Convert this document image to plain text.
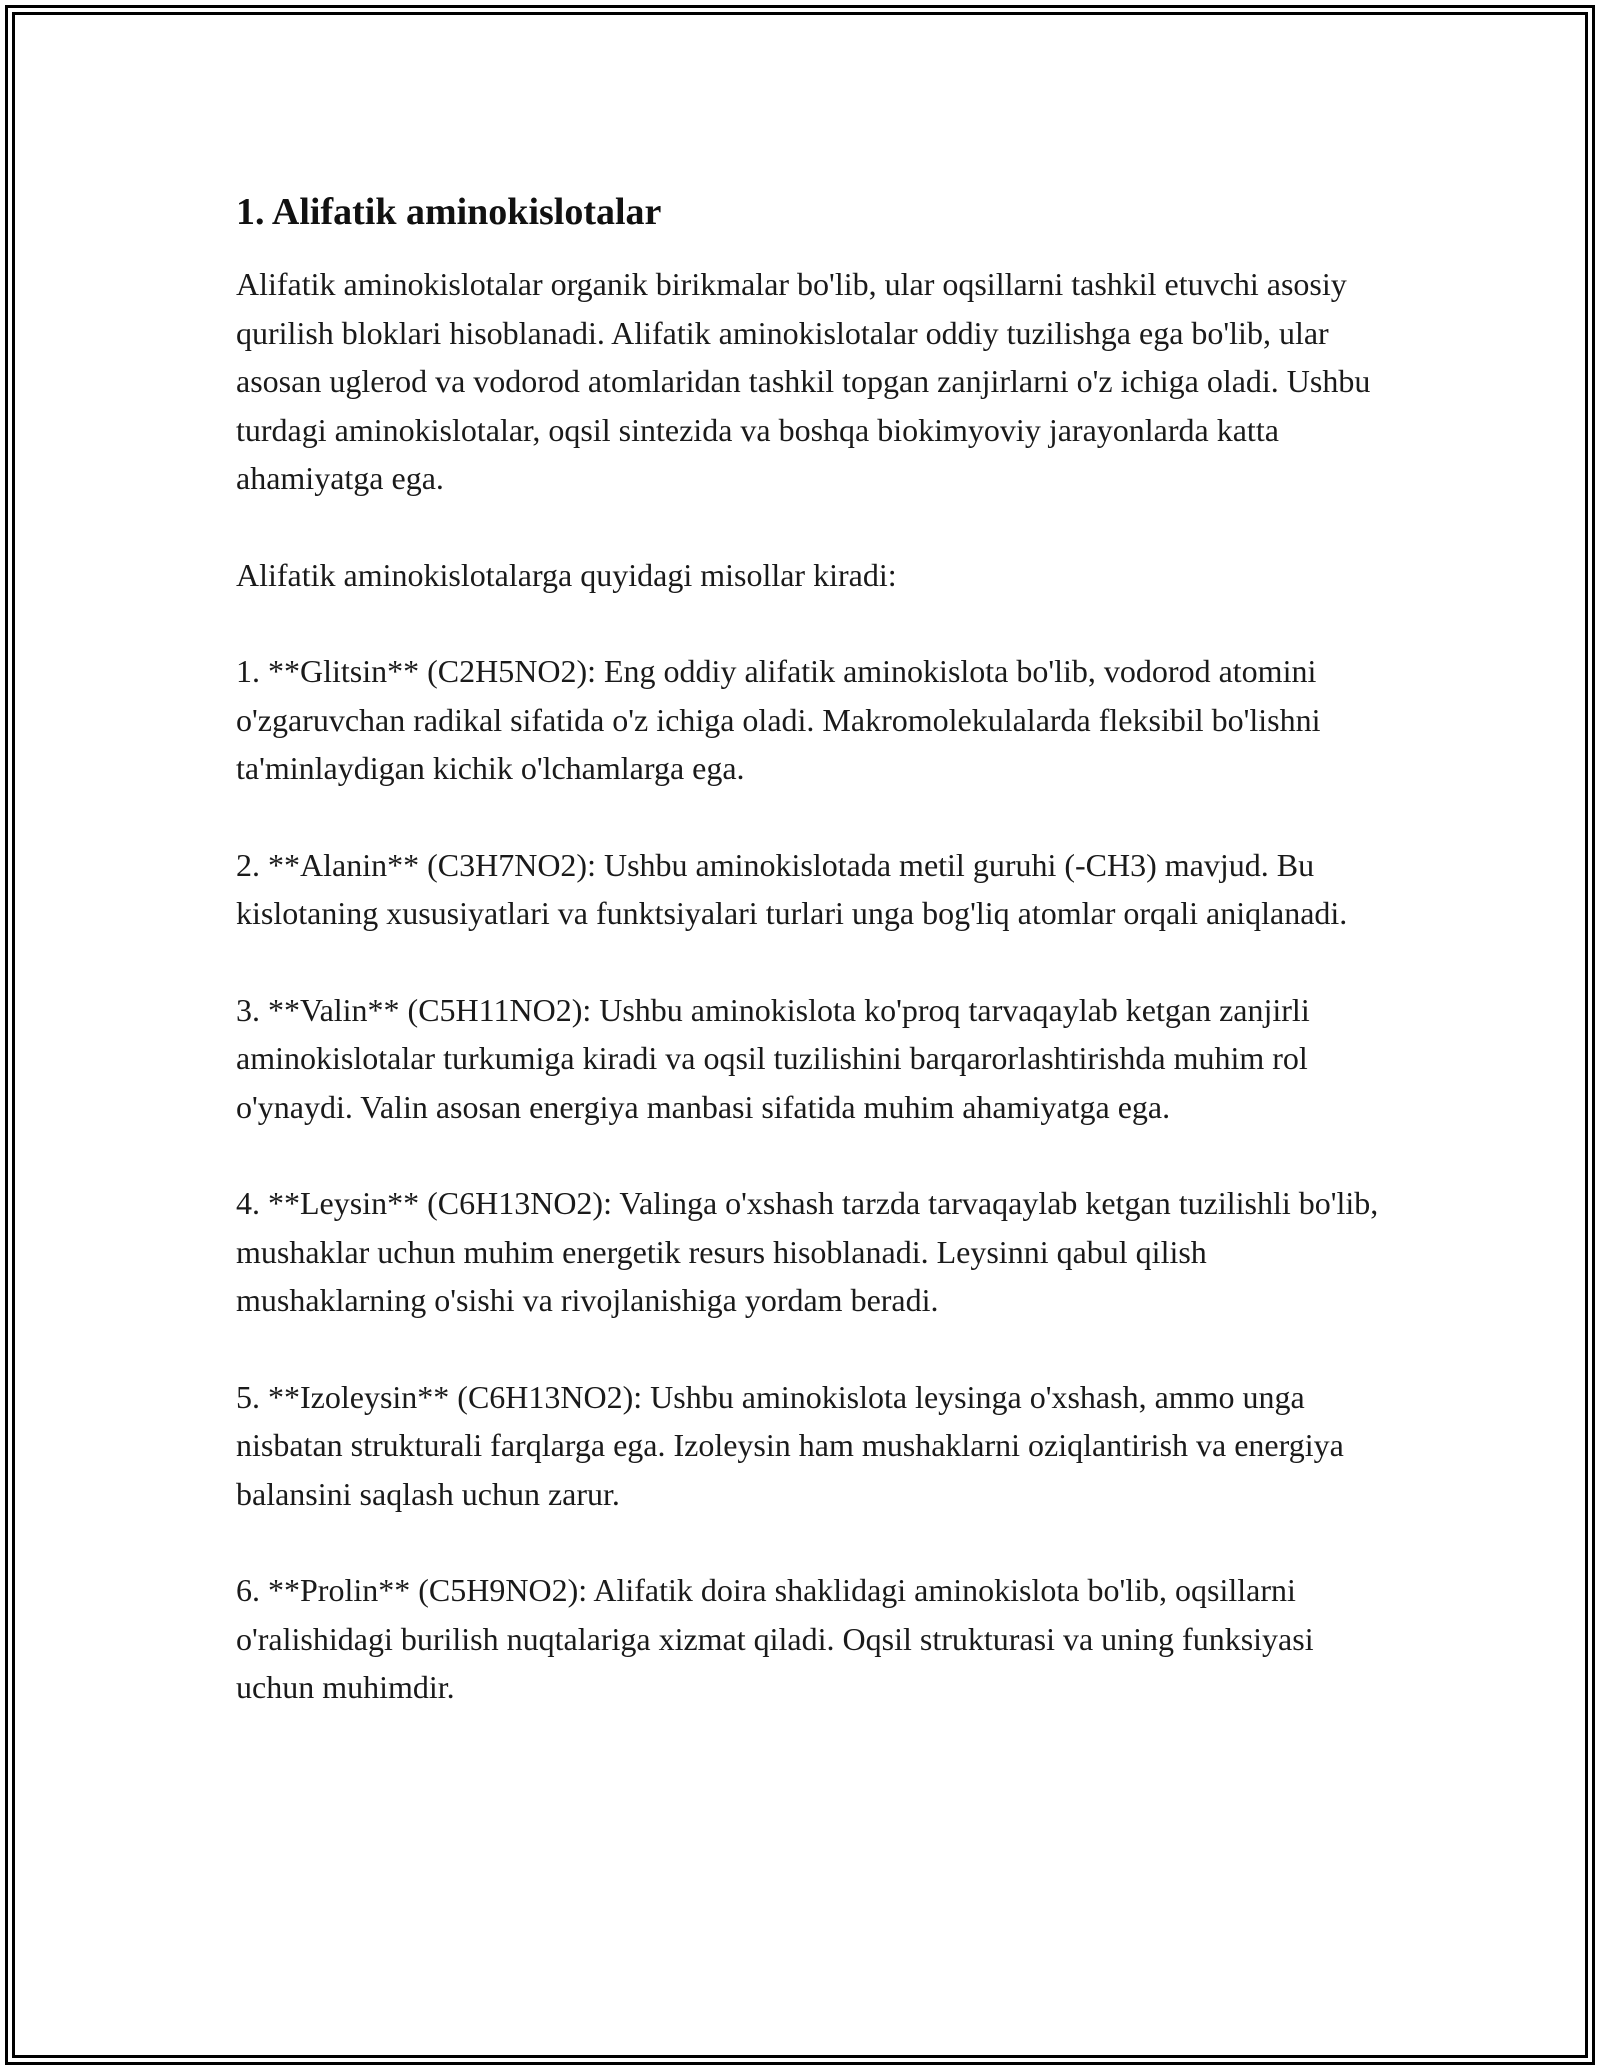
1. Alifatik aminokislotalar

Alifatik aminokislotalar organik birikmalar bo'lib, ular oqsillarni tashkil etuvchi asosiy qurilish bloklari hisoblanadi. Alifatik aminokislotalar oddiy tuzilishga ega bo'lib, ular asosan uglerod va vodorod atomlaridan tashkil topgan zanjirlarni o'z ichiga oladi. Ushbu turdagi aminokislotalar, oqsil sintezida va boshqa biokimyoviy jarayonlarda katta ahamiyatga ega.

Alifatik aminokislotalarga quyidagi misollar kiradi:

1. **Glitsin** (C2H5NO2): Eng oddiy alifatik aminokislota bo'lib, vodorod atomini o'zgaruvchan radikal sifatida o'z ichiga oladi. Makromolekulalarda fleksibil bo'lishni ta'minlaydigan kichik o'lchamlarga ega.

2. **Alanin** (C3H7NO2): Ushbu aminokislotada metil guruhi (-CH3) mavjud. Bu kislotaning xususiyatlari va funktsiyalari turlari unga bog'liq atomlar orqali aniqlanadi.

3. **Valin** (C5H11NO2): Ushbu aminokislota ko'proq tarvaqaylab ketgan zanjirli aminokislotalar turkumiga kiradi va oqsil tuzilishini barqarorlashtirishda muhim rol o'ynaydi. Valin asosan energiya manbasi sifatida muhim ahamiyatga ega.

4. **Leysin** (C6H13NO2): Valinga o'xshash tarzda tarvaqaylab ketgan tuzilishli bo'lib, mushaklar uchun muhim energetik resurs hisoblanadi. Leysinni qabul qilish mushaklarning o'sishi va rivojlanishiga yordam beradi.

5. **Izoleysin** (C6H13NO2): Ushbu aminokislota leysinga o'xshash, ammo unga nisbatan strukturali farqlarga ega. Izoleysin ham mushaklarni oziqlantirish va energiya balansini saqlash uchun zarur.

6. **Prolin** (C5H9NO2): Alifatik doira shaklidagi aminokislota bo'lib, oqsillarni o'ralishidagi burilish nuqtalariga xizmat qiladi. Oqsil strukturasi va uning funksiyasi uchun muhimdir.
